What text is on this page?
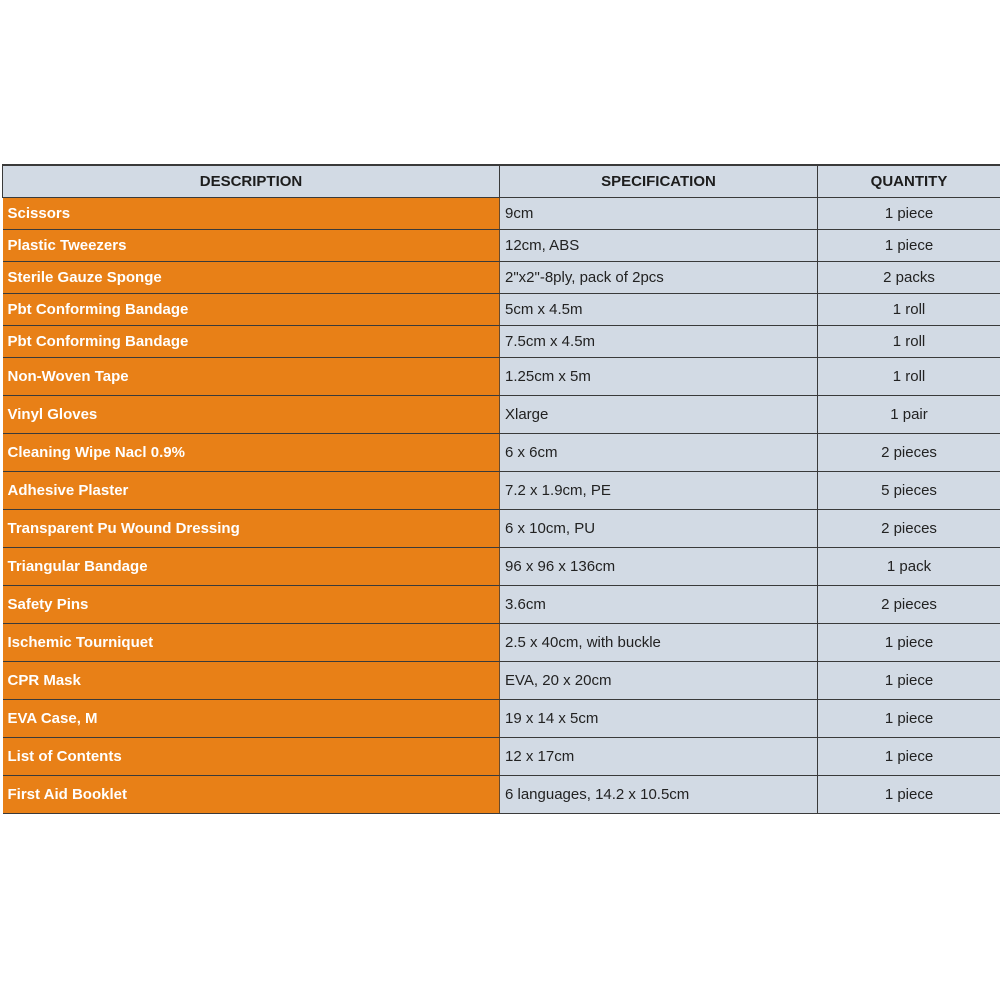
DESCRIPTION	SPECIFICATION	QUANTITY
Scissors	9cm	1 piece
Plastic Tweezers	12cm, ABS	1 piece
Sterile Gauze Sponge	2"x2"-8ply, pack of 2pcs	2 packs
Pbt Conforming Bandage	5cm x 4.5m	1 roll
Pbt Conforming Bandage	7.5cm x 4.5m	1 roll
Non-Woven Tape	1.25cm x 5m	1 roll
Vinyl Gloves	Xlarge	1 pair
Cleaning Wipe Nacl 0.9%	6 x 6cm	2 pieces
Adhesive Plaster	7.2 x 1.9cm, PE	5 pieces
Transparent Pu Wound Dressing	6 x 10cm, PU	2 pieces
Triangular Bandage	96 x 96 x 136cm	1 pack
Safety Pins	3.6cm	2 pieces
Ischemic Tourniquet	2.5 x 40cm, with buckle	1 piece
CPR Mask	EVA, 20 x 20cm	1 piece
EVA Case, M	19 x 14 x 5cm	1 piece
List of Contents	12 x 17cm	1 piece
First Aid Booklet	6 languages, 14.2 x 10.5cm	1 piece
